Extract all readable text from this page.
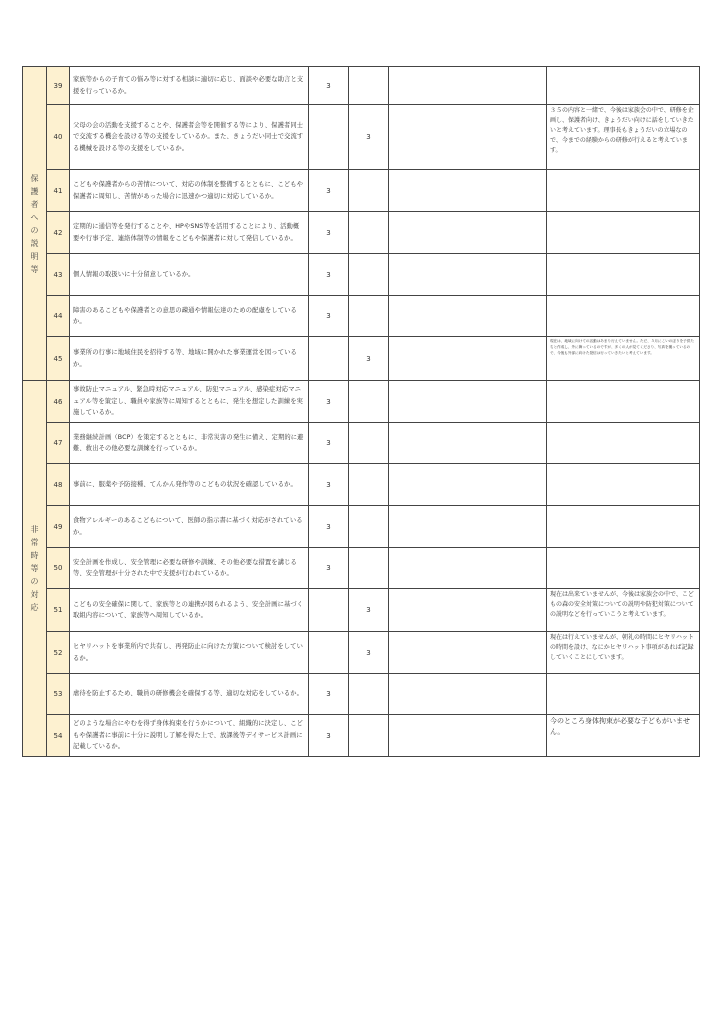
保護者への説明等	39	家族等からの子育ての悩み等に対する相談に適切に応じ、面談や必要な助言と支援を行っているか。	3			
	40	父母の会の活動を支援することや、保護者会等を開催する等により、保護者同士で交流する機会を設ける等の支援をしているか。また、きょうだい同士で交流する機械を設ける等の支援をしているか。		3		３５の内容と一緒で、今後は家族会の中で、研修を企画し、保護者向け、きょうだい向けに話をしていきたいと考えています。理事長もきょうだいの立場なので、今までの経験からの研修が行えると考えています。
	41	こどもや保護者からの苦情について、対応の体制を整備するとともに、こどもや保護者に周知し、苦情があった場合に迅速かつ適切に対応しているか。	3			
	42	定期的に通信等を発行することや、HPやSNS等を活用することにより、活動概要や行事予定、連絡体制等の情報をこどもや保護者に対して発信しているか。	3			
	43	個人情報の取扱いに十分留意しているか。	3			
	44	障害のあるこどもや保護者との意思の疎通や情報伝達のための配慮をしているか。	3			
	45	事業所の行事に地域住民を招待する等、地域に開かれた事業運営を図っているか。		3		現在は、地域に向けての活動はあまり行えていません。ただ、５月にこいのぼりを子供たちと作成し、外に飾っているのですが、多くの人が見てくださり、写真を撮っているので、今後も外部に向けた発信は行っていきたいと考えています。
非常時等の対応	46	事故防止マニュアル、緊急時対応マニュアル、防犯マニュアル、感染症対応マニュアル等を策定し、職員や家族等に周知するとともに、発生を想定した訓練を実施しているか。	3			
	47	業務継続計画（BCP）を策定するとともに、非常災害の発生に備え、定期的に避難、救出その他必要な訓練を行っているか。	3			
	48	事前に、服薬や予防接種、てんかん発作等のこどもの状況を確認しているか。	3			
	49	食物アレルギーのあるこどもについて、医師の指示書に基づく対応がされているか。	3			
	50	安全計画を作成し、安全管理に必要な研修や訓練、その他必要な措置を講じる等、安全管理が十分された中で支援が行われているか。	3			
	51	こどもの安全確保に関して、家族等との連携が図られるよう、安全計画に基づく取組内容について、家族等へ周知しているか。		3		現在は出来ていませんが、今後は家族会の中で、こどもの森の安全対策についての説明や防犯対策についての説明などを行っていこうと考えています。
	52	ヒヤリハットを事業所内で共有し、再発防止に向けた方策について検討をしているか。		3		現在は行えていませんが、朝礼の時間にヒヤリハットの時間を設け、なにかヒヤリハット事項があれば記録していくことにしています。
	53	虐待を防止するため、職員の研修機会を確保する等、適切な対応をしているか。	3			
	54	どのような場合にやむを得ず身体拘束を行うかについて、組織的に決定し、こどもや保護者に事前に十分に説明し了解を得た上で、放課後等デイサービス計画に記載しているか。	3			今のところ身体拘束が必要な子どもがいません。
